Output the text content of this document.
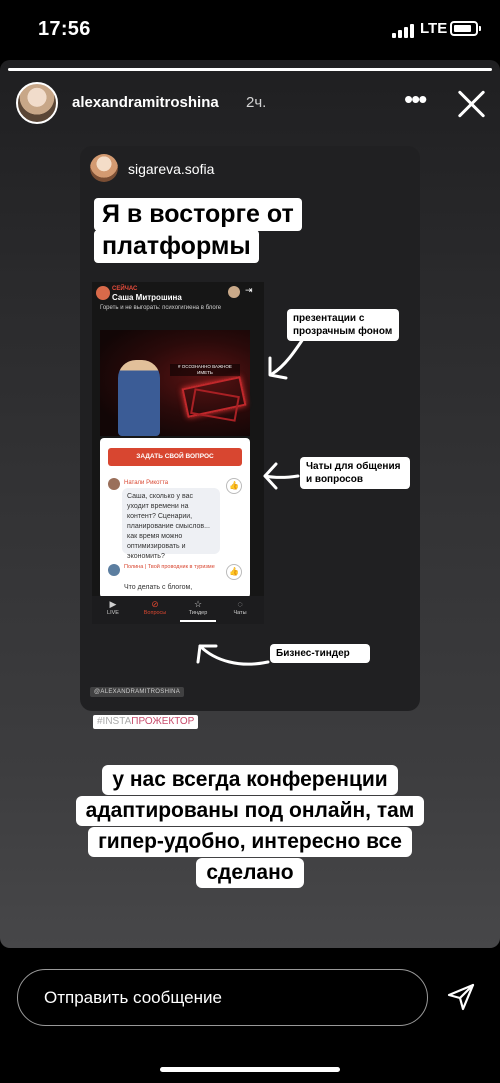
17:56	LTE
alexandramitroshina 2ч.	•••
sigareva.sofia
Я в восторге от
платформы
СЕЙЧАС
Саша Митрошина
⇥
Гореть и не выгорать: психогигиена в блоге
# ОСОЗНАННО ВАЖНОЕ ИМЕТЬ
ЗАДАТЬ СВОЙ ВОПРОС
Натали Рикотта	👍
Саша, сколько у вас уходит времени на контент? Сценарии, планирование смыслов... как время можно оптимизировать и экономить?
Полина | Твой проводник в туризме	👍
Что делать с блогом,
▶
LIVE
⊘
Вопросы
☆
Тиндер
◌
Чаты
презентации с прозрачным фоном
Чаты для общения и вопросов
Бизнес-тиндер
@ALEXANDRAMITROSHINA
#INSTAПРОЖЕКТОР
у нас всегда конференции
адаптированы под онлайн, там
гипер-удобно, интересно все
сделано
Отправить сообщение
